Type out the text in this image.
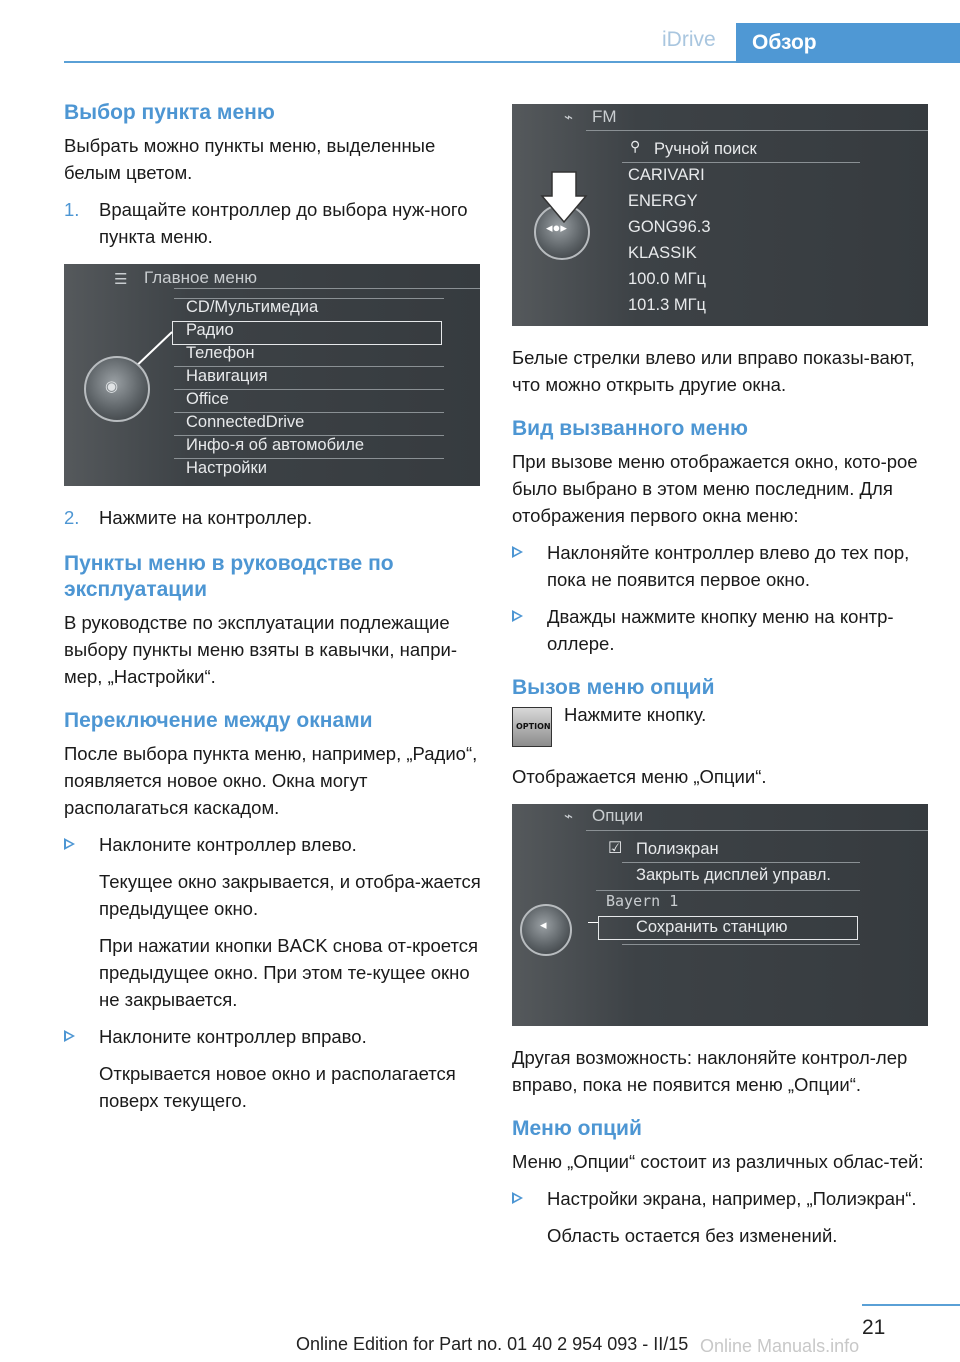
iDrive Обзор
Выбор пункта меню
Выбрать можно пункты меню, выделенные белым цветом.
1. Вращайте контроллер до выбора нуж‐ного пункта меню.
☰ Главное меню
CD/Мультимедиа
Радио
Телефон
Навигация
Office
ConnectedDrive
Инфо-я об автомобиле
Настройки
◉
2. Нажмите на контроллер.
Пункты меню в руководстве по эксплуатации
В руководстве по эксплуатации подлежащие выбору пункты меню взяты в кавычки, напри‐мер, „Настройки“.
Переключение между окнами
После выбора пункта меню, например, „Радио“, появляется новое окно. Окна могут располагаться каскадом.
Наклоните контроллер влево.
Текущее окно закрывается, и отобра‐жается предыдущее окно.
При нажатии кнопки BACK снова от‐кроется предыдущее окно. При этом те‐кущее окно не закрывается.
Наклоните контроллер вправо.
Открывается новое окно и располагается поверх текущего.
⌁ FM
⚲ Ручной поиск
CARIVARI
ENERGY
GONG96.3
KLASSIK
100.0 МГц
101.3 МГц
◂●▸
Белые стрелки влево или вправо показы‐вают, что можно открыть другие окна.
Вид вызванного меню
При вызове меню отображается окно, кото‐рое было выбрано в этом меню последним. Для отображения первого окна меню:
Наклоняйте контроллер влево до тех пор, пока не появится первое окно.
Дважды нажмите кнопку меню на контр‐оллере.
Вызов меню опций
OPTION
Нажмите кнопку.
Отображается меню „Опции“.
⌁ Опции
☑ Полиэкран
Закрыть дисплей управл.
Bayern 1
Сохранить станцию
◂
Другая возможность: наклоняйте контрол‐лер вправо, пока не появится меню „Опции“.
Меню опций
Меню „Опции“ состоит из различных облас‐тей:
Настройки экрана, например, „Полиэкран“.
Область остается без изменений.
21
Online Edition for Part no. 01 40 2 954 093 - II/15 Online Manuals.info
